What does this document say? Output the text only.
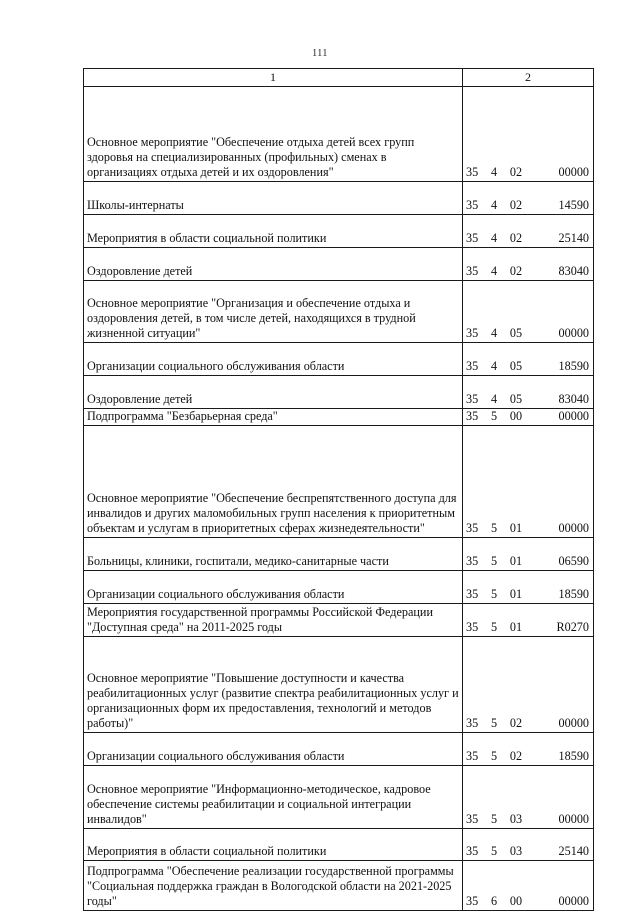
111
1	2
Основное мероприятие "Обеспечение отдыха детей всех групп здоровья на специализированных (профильных) сменах в организациях отдыха детей и их оздоровления"	35 4 02 00000

Школы-интернаты	35 4 02 14590

Мероприятия в области социальной политики	35 4 02 25140

Оздоровление детей	35 4 02 83040

Основное мероприятие "Организация и обеспечение отдыха и оздоровления детей, в том числе детей, находящихся в трудной жизненной ситуации"	35 4 05 00000

Организации социального обслуживания области	35 4 05 18590

Оздоровление детей	35 4 05 83040

Подпрограмма "Безбарьерная среда"	35 5 00 00000

Основное мероприятие "Обеспечение беспрепятственного доступа для инвалидов и других маломобильных групп населения к приоритетным объектам и услугам в приоритетных сферах жизнедеятельности"	35 5 01 00000

Больницы, клиники, госпитали, медико-санитарные части	35 5 01 06590

Организации социального обслуживания области	35 5 01 18590

Мероприятия государственной программы Российской Федерации "Доступная среда" на 2011-2025 годы	35 5 01 R0270

Основное мероприятие "Повышение доступности и качества реабилитационных услуг (развитие спектра реабилитационных услуг и организационных форм их предоставления, технологий и методов работы)"	35 5 02 00000

Организации социального обслуживания области	35 5 02 18590

Основное мероприятие "Информационно-методическое, кадровое обеспечение системы реабилитации и социальной интеграции инвалидов"	35 5 03 00000

Мероприятия в области социальной политики	35 5 03 25140

Подпрограмма "Обеспечение реализации государственной программы "Социальная поддержка граждан в Вологодской области на 2021-2025 годы"	35 6 00 00000
